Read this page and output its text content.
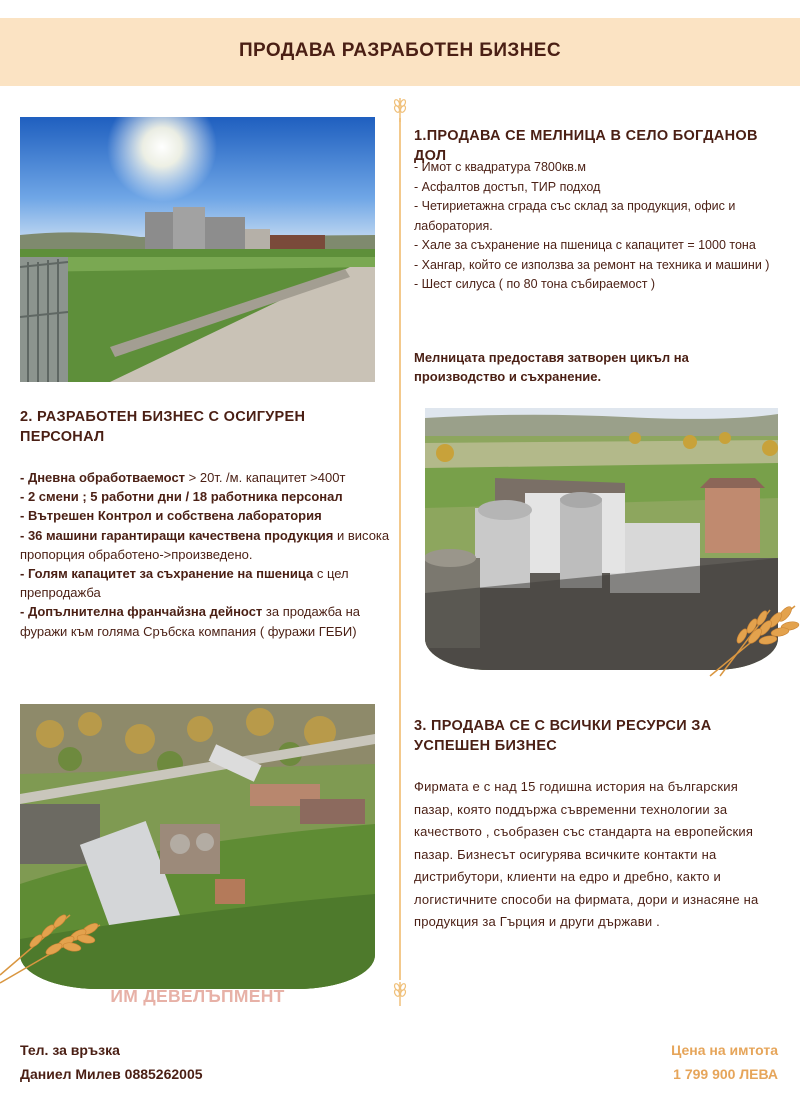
ПРОДАВА РАЗРАБОТЕН БИЗНЕС
1.ПРОДАВА СЕ МЕЛНИЦА В СЕЛО БОГДАНОВ ДОЛ
- Имот с квадратура 7800кв.м
- Асфалтов достъп, ТИР подход
- Четириетажна сграда със склад за продукция, офис и лаборатория.
- Хале за съхранение на пшеница с капацитет = 1000 тона
- Хангар, който се използва за ремонт на техника и машини )
- Шест силуса ( по 80 тона събираемост )
Мелницата предоставя затворен цикъл на производство и съхранение.
2. РАЗРАБОТЕН БИЗНЕС С ОСИГУРЕН ПЕРСОНАЛ
- Дневна обработваемост > 20т. /м. капацитет >400т
- 2 смени ; 5 работни дни / 18 работника персонал
- Вътрешен Контрол и собствена лаборатория
- 36 машини гарантиращи качествена продукция и висока пропорция обработено->произведено.
- Голям капацитет за съхранение на пшеница с цел препродажба
- Допълнителна франчайзна дейност за продажба на фуражи към голяма Сръбска компания ( фуражи ГЕБИ)
ИМ ДЕВЕЛЪПМЕНТ
3. ПРОДАВА СЕ С ВСИЧКИ РЕСУРСИ ЗА УСПЕШЕН БИЗНЕС
Фирмата е с над 15 годишна история на българския пазар, която поддържа съвременни технологии за качеството , съобразен със стандарта на европейския пазар. Бизнесът осигурява всичките контакти на дистрибутори, клиенти на едро и дребно, както и логистичните способи на фирмата, дори и изнасяне на продукция за Гърция и други държави .
Тел. за връзка
Даниел Милев 0885262005
Цена на имтота
1 799 900 ЛЕВА
